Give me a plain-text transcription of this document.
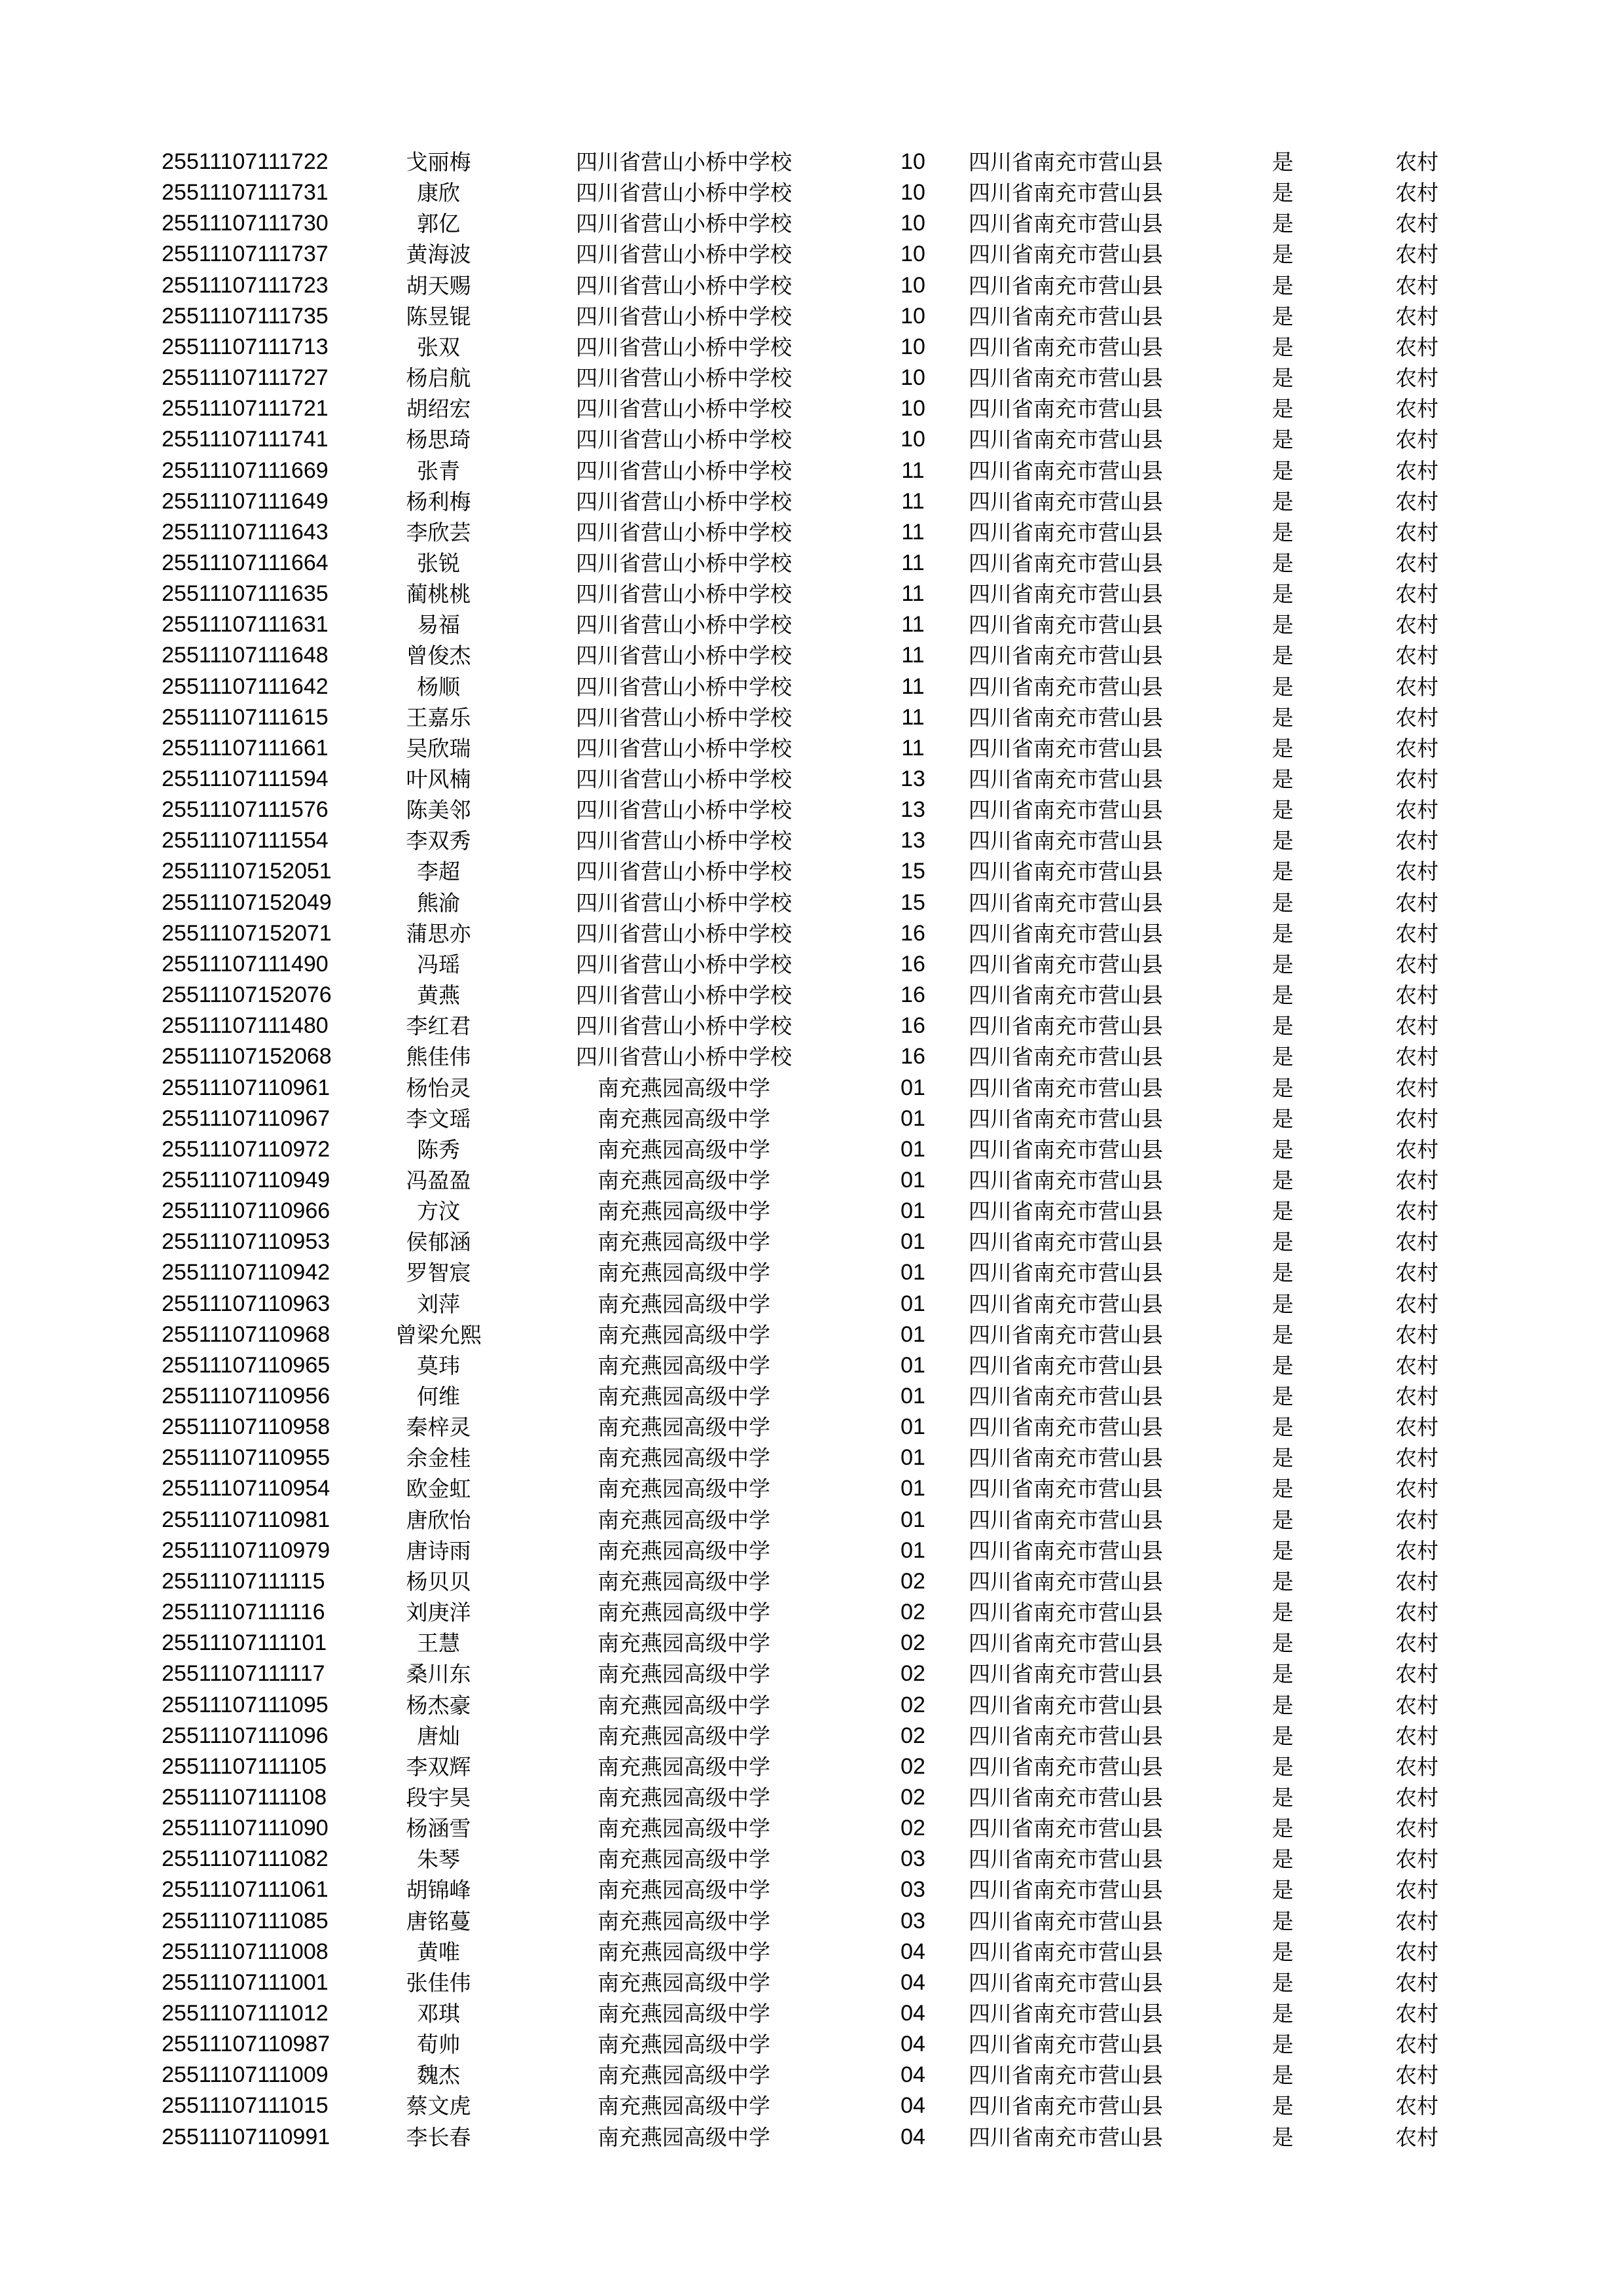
25511107111722	戈丽梅	四川省营山小桥中学校	10	四川省南充市营山县	是	农村
25511107111731	康欣	四川省营山小桥中学校	10	四川省南充市营山县	是	农村
25511107111730	郭亿	四川省营山小桥中学校	10	四川省南充市营山县	是	农村
25511107111737	黄海波	四川省营山小桥中学校	10	四川省南充市营山县	是	农村
25511107111723	胡天赐	四川省营山小桥中学校	10	四川省南充市营山县	是	农村
25511107111735	陈昱锟	四川省营山小桥中学校	10	四川省南充市营山县	是	农村
25511107111713	张双	四川省营山小桥中学校	10	四川省南充市营山县	是	农村
25511107111727	杨启航	四川省营山小桥中学校	10	四川省南充市营山县	是	农村
25511107111721	胡绍宏	四川省营山小桥中学校	10	四川省南充市营山县	是	农村
25511107111741	杨思琦	四川省营山小桥中学校	10	四川省南充市营山县	是	农村
25511107111669	张青	四川省营山小桥中学校	11	四川省南充市营山县	是	农村
25511107111649	杨利梅	四川省营山小桥中学校	11	四川省南充市营山县	是	农村
25511107111643	李欣芸	四川省营山小桥中学校	11	四川省南充市营山县	是	农村
25511107111664	张锐	四川省营山小桥中学校	11	四川省南充市营山县	是	农村
25511107111635	蔺桃桃	四川省营山小桥中学校	11	四川省南充市营山县	是	农村
25511107111631	易福	四川省营山小桥中学校	11	四川省南充市营山县	是	农村
25511107111648	曾俊杰	四川省营山小桥中学校	11	四川省南充市营山县	是	农村
25511107111642	杨顺	四川省营山小桥中学校	11	四川省南充市营山县	是	农村
25511107111615	王嘉乐	四川省营山小桥中学校	11	四川省南充市营山县	是	农村
25511107111661	吴欣瑞	四川省营山小桥中学校	11	四川省南充市营山县	是	农村
25511107111594	叶风楠	四川省营山小桥中学校	13	四川省南充市营山县	是	农村
25511107111576	陈美邻	四川省营山小桥中学校	13	四川省南充市营山县	是	农村
25511107111554	李双秀	四川省营山小桥中学校	13	四川省南充市营山县	是	农村
25511107152051	李超	四川省营山小桥中学校	15	四川省南充市营山县	是	农村
25511107152049	熊渝	四川省营山小桥中学校	15	四川省南充市营山县	是	农村
25511107152071	蒲思亦	四川省营山小桥中学校	16	四川省南充市营山县	是	农村
25511107111490	冯瑶	四川省营山小桥中学校	16	四川省南充市营山县	是	农村
25511107152076	黄燕	四川省营山小桥中学校	16	四川省南充市营山县	是	农村
25511107111480	李红君	四川省营山小桥中学校	16	四川省南充市营山县	是	农村
25511107152068	熊佳伟	四川省营山小桥中学校	16	四川省南充市营山县	是	农村
25511107110961	杨怡灵	南充燕园高级中学	01	四川省南充市营山县	是	农村
25511107110967	李文瑶	南充燕园高级中学	01	四川省南充市营山县	是	农村
25511107110972	陈秀	南充燕园高级中学	01	四川省南充市营山县	是	农村
25511107110949	冯盈盈	南充燕园高级中学	01	四川省南充市营山县	是	农村
25511107110966	方汶	南充燕园高级中学	01	四川省南充市营山县	是	农村
25511107110953	侯郁涵	南充燕园高级中学	01	四川省南充市营山县	是	农村
25511107110942	罗智宸	南充燕园高级中学	01	四川省南充市营山县	是	农村
25511107110963	刘萍	南充燕园高级中学	01	四川省南充市营山县	是	农村
25511107110968	曾梁允熙	南充燕园高级中学	01	四川省南充市营山县	是	农村
25511107110965	莫玮	南充燕园高级中学	01	四川省南充市营山县	是	农村
25511107110956	何维	南充燕园高级中学	01	四川省南充市营山县	是	农村
25511107110958	秦梓灵	南充燕园高级中学	01	四川省南充市营山县	是	农村
25511107110955	余金桂	南充燕园高级中学	01	四川省南充市营山县	是	农村
25511107110954	欧金虹	南充燕园高级中学	01	四川省南充市营山县	是	农村
25511107110981	唐欣怡	南充燕园高级中学	01	四川省南充市营山县	是	农村
25511107110979	唐诗雨	南充燕园高级中学	01	四川省南充市营山县	是	农村
25511107111115	杨贝贝	南充燕园高级中学	02	四川省南充市营山县	是	农村
25511107111116	刘庚洋	南充燕园高级中学	02	四川省南充市营山县	是	农村
25511107111101	王慧	南充燕园高级中学	02	四川省南充市营山县	是	农村
25511107111117	桑川东	南充燕园高级中学	02	四川省南充市营山县	是	农村
25511107111095	杨杰豪	南充燕园高级中学	02	四川省南充市营山县	是	农村
25511107111096	唐灿	南充燕园高级中学	02	四川省南充市营山县	是	农村
25511107111105	李双辉	南充燕园高级中学	02	四川省南充市营山县	是	农村
25511107111108	段宇昊	南充燕园高级中学	02	四川省南充市营山县	是	农村
25511107111090	杨涵雪	南充燕园高级中学	02	四川省南充市营山县	是	农村
25511107111082	朱琴	南充燕园高级中学	03	四川省南充市营山县	是	农村
25511107111061	胡锦峰	南充燕园高级中学	03	四川省南充市营山县	是	农村
25511107111085	唐铭蔓	南充燕园高级中学	03	四川省南充市营山县	是	农村
25511107111008	黄唯	南充燕园高级中学	04	四川省南充市营山县	是	农村
25511107111001	张佳伟	南充燕园高级中学	04	四川省南充市营山县	是	农村
25511107111012	邓琪	南充燕园高级中学	04	四川省南充市营山县	是	农村
25511107110987	荀帅	南充燕园高级中学	04	四川省南充市营山县	是	农村
25511107111009	魏杰	南充燕园高级中学	04	四川省南充市营山县	是	农村
25511107111015	蔡文虎	南充燕园高级中学	04	四川省南充市营山县	是	农村
25511107110991	李长春	南充燕园高级中学	04	四川省南充市营山县	是	农村
